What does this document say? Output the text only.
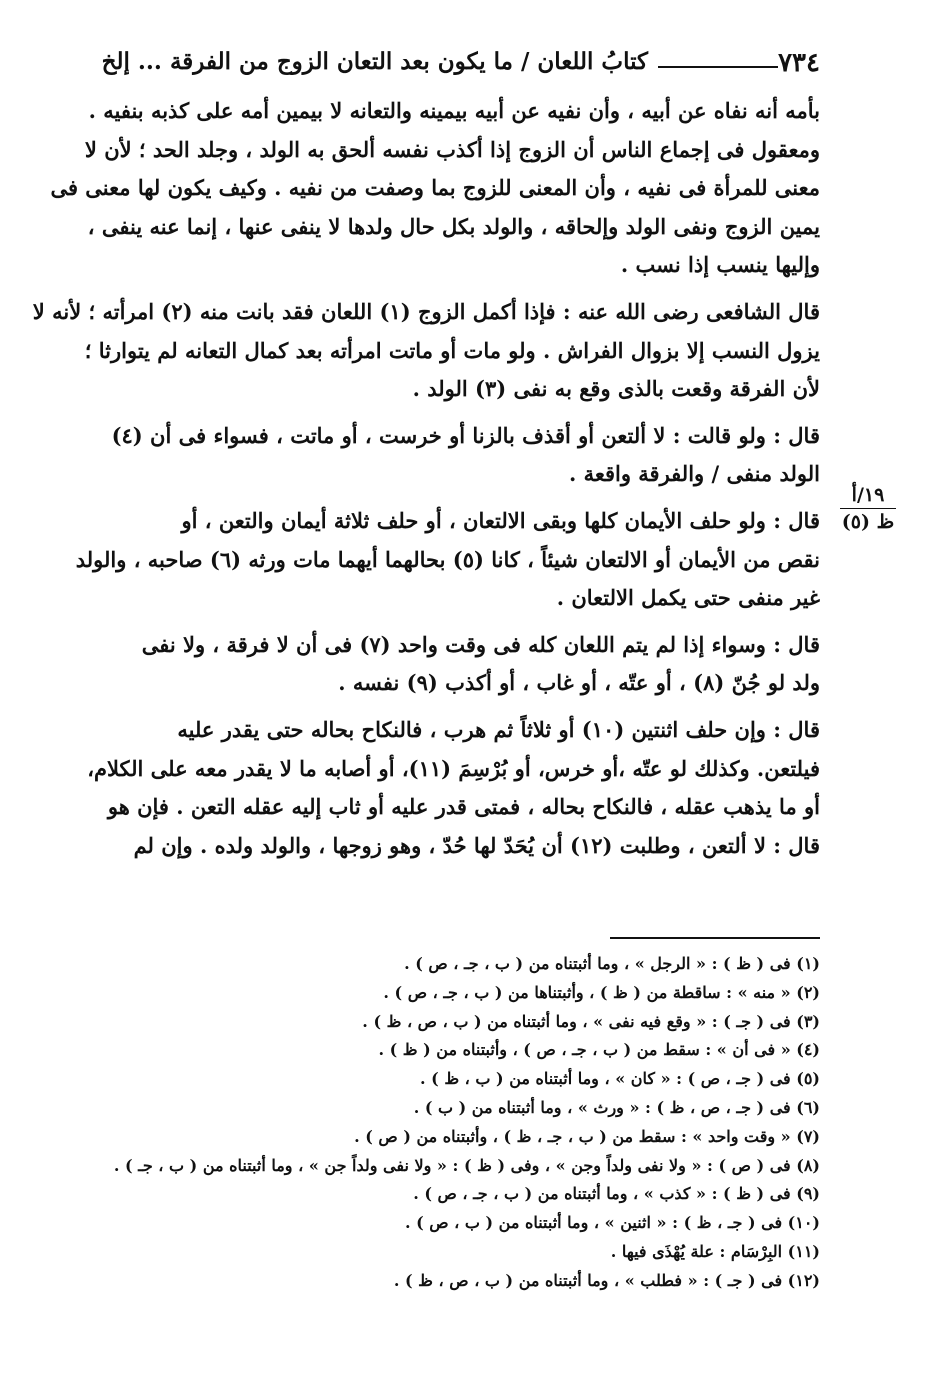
٧٣٤
كتابُ اللعان / ما يكون بعد التعان الزوج من الفرقة ... إلخ
١٩/أ
ظ (٥)
بأمه أنه نفاه عن أبيه ، وأن نفيه عن أبيه بيمينه والتعانه لا بيمين أمه على كذبه بنفيه .
ومعقول فى إجماع الناس أن الزوج إذا أكذب نفسه ألحق به الولد ، وجلد الحد ؛ لأن لا
معنى للمرأة فى نفيه ، وأن المعنى للزوج بما وصفت من نفيه . وكيف يكون لها معنى فى
يمين الزوج ونفى الولد وإلحاقه ، والولد بكل حال ولدها لا ينفى عنها ، إنما عنه ينفى ،
وإليها ينسب إذا نسب .
قال الشافعى رضى الله عنه : فإذا أكمل الزوج (١) اللعان فقد بانت منه (٢) امرأته ؛ لأنه لا
يزول النسب إلا بزوال الفراش . ولو مات أو ماتت امرأته بعد كمال التعانه لم يتوارثا ؛
لأن الفرقة وقعت بالذى وقع به نفى (٣) الولد .
قال : ولو قالت : لا ألتعن أو أقذف بالزنا أو خرست ، أو ماتت ، فسواء فى أن (٤)
الولد منفى / والفرقة واقعة .
قال : ولو حلف الأيمان كلها وبقى الالتعان ، أو حلف ثلاثة أيمان والتعن ، أو
نقص من الأيمان أو الالتعان شيئاً ، كانا (٥) بحالهما أيهما مات ورثه (٦) صاحبه ، والولد
غير منفى حتى يكمل الالتعان .
قال : وسواء إذا لم يتم اللعان كله فى وقت واحد (٧) فى أن لا فرقة ، ولا نفى
ولد لو جُنّ (٨) ، أو عتّه ، أو غاب ، أو أكذب (٩) نفسه .
قال : وإن حلف اثنتين (١٠) أو ثلاثاً ثم هرب ، فالنكاح بحاله حتى يقدر عليه
فيلتعن. وكذلك لو عتّه ،أو خرس، أو بُرْسِمَ (١١)، أو أصابه ما لا يقدر معه على الكلام،
أو ما يذهب عقله ، فالنكاح بحاله ، فمتى قدر عليه أو ثاب إليه عقله التعن . فإن هو
قال : لا ألتعن ، وطلبت (١٢) أن يُحَدّ لها حُدّ ، وهو زوجها ، والولد ولده . وإن لم
(١) فى ( ظ ) : « الرجل » ، وما أثبتناه من ( ب ، جـ ، ص ) .
(٢) « منه » : ساقطة من ( ظ ) ، وأثبتناها من ( ب ، جـ ، ص ) .
(٣) فى ( جـ ) : « وقع فيه نفى » ، وما أثبتناه من ( ب ، ص ، ظ ) .
(٤) « فى أن » : سقط من ( ب ، جـ ، ص ) ، وأثبتناه من ( ظ ) .
(٥) فى ( جـ ، ص ) : « كان » ، وما أثبتناه من ( ب ، ظ ) .
(٦) فى ( جـ ، ص ، ظ ) : « ورث » ، وما أثبتناه من ( ب ) .
(٧) « وقت واحد » : سقط من ( ب ، جـ ، ظ ) ، وأثبتناه من ( ص ) .
(٨) فى ( ص ) : « ولا نفى ولداً وجن » ، وفى ( ظ ) : « ولا نفى ولداً جن » ، وما أثبتناه من ( ب ، جـ ) .
(٩) فى ( ظ ) : « كذب » ، وما أثبتناه من ( ب ، جـ ، ص ) .
(١٠) فى ( جـ ، ظ ) : « اثنين » ، وما أثبتناه من ( ب ، ص ) .
(١١) البِرْسَام : علة يُهْذَى فيها .
(١٢) فى ( جـ ) : « فطلب » ، وما أثبتناه من ( ب ، ص ، ظ ) .
